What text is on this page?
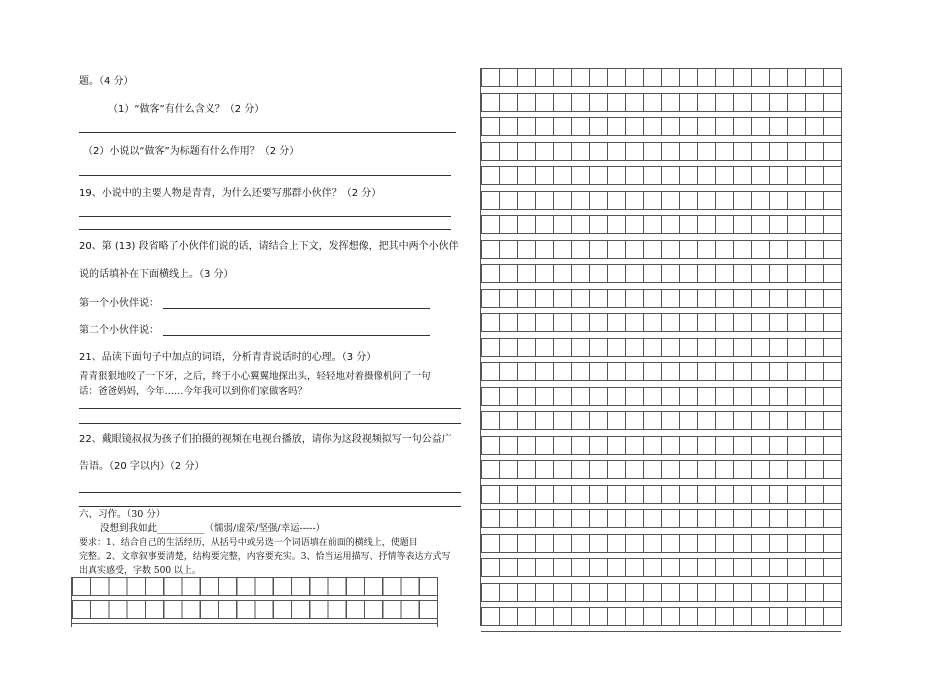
题。（4 分）
（1）“做客”有什么含义？（2 分）
（2）小说以“做客”为标题有什么作用？（2 分）
19、小说中的主要人物是青青，为什么还要写那群小伙伴？（2 分）
20、第 (13) 段省略了小伙伴们说的话，请结合上下文，发挥想像，把其中两个小伙伴
说的话填补在下面横线上。（3 分）
第一个小伙伴说：
第二个小伙伴说：
21、品读下面句子中加点的词语，分析青青说话时的心理。（3 分）
青青狠狠地咬了一下牙，之后，终于小心翼翼地探出头，轻轻地对着摄像机问了一句
话：爸爸妈妈，今年……今年我可以到你们家做客吗？
22、戴眼镜叔叔为孩子们拍摄的视频在电视台播放，请你为这段视频拟写一句公益广
告语。（20 字以内）（2 分）
六、习作。（30 分）
没想到我如此__________（懦弱/虚荣/坚强/幸运-----）
要求：1、结合自己的生活经历，从括号中或另选一个词语填在前面的横线上，使题目
完整。2、文章叙事要清楚，结构要完整，内容要充实。3、恰当运用描写、抒情等表达方式写
出真实感受，字数 500 以上。
